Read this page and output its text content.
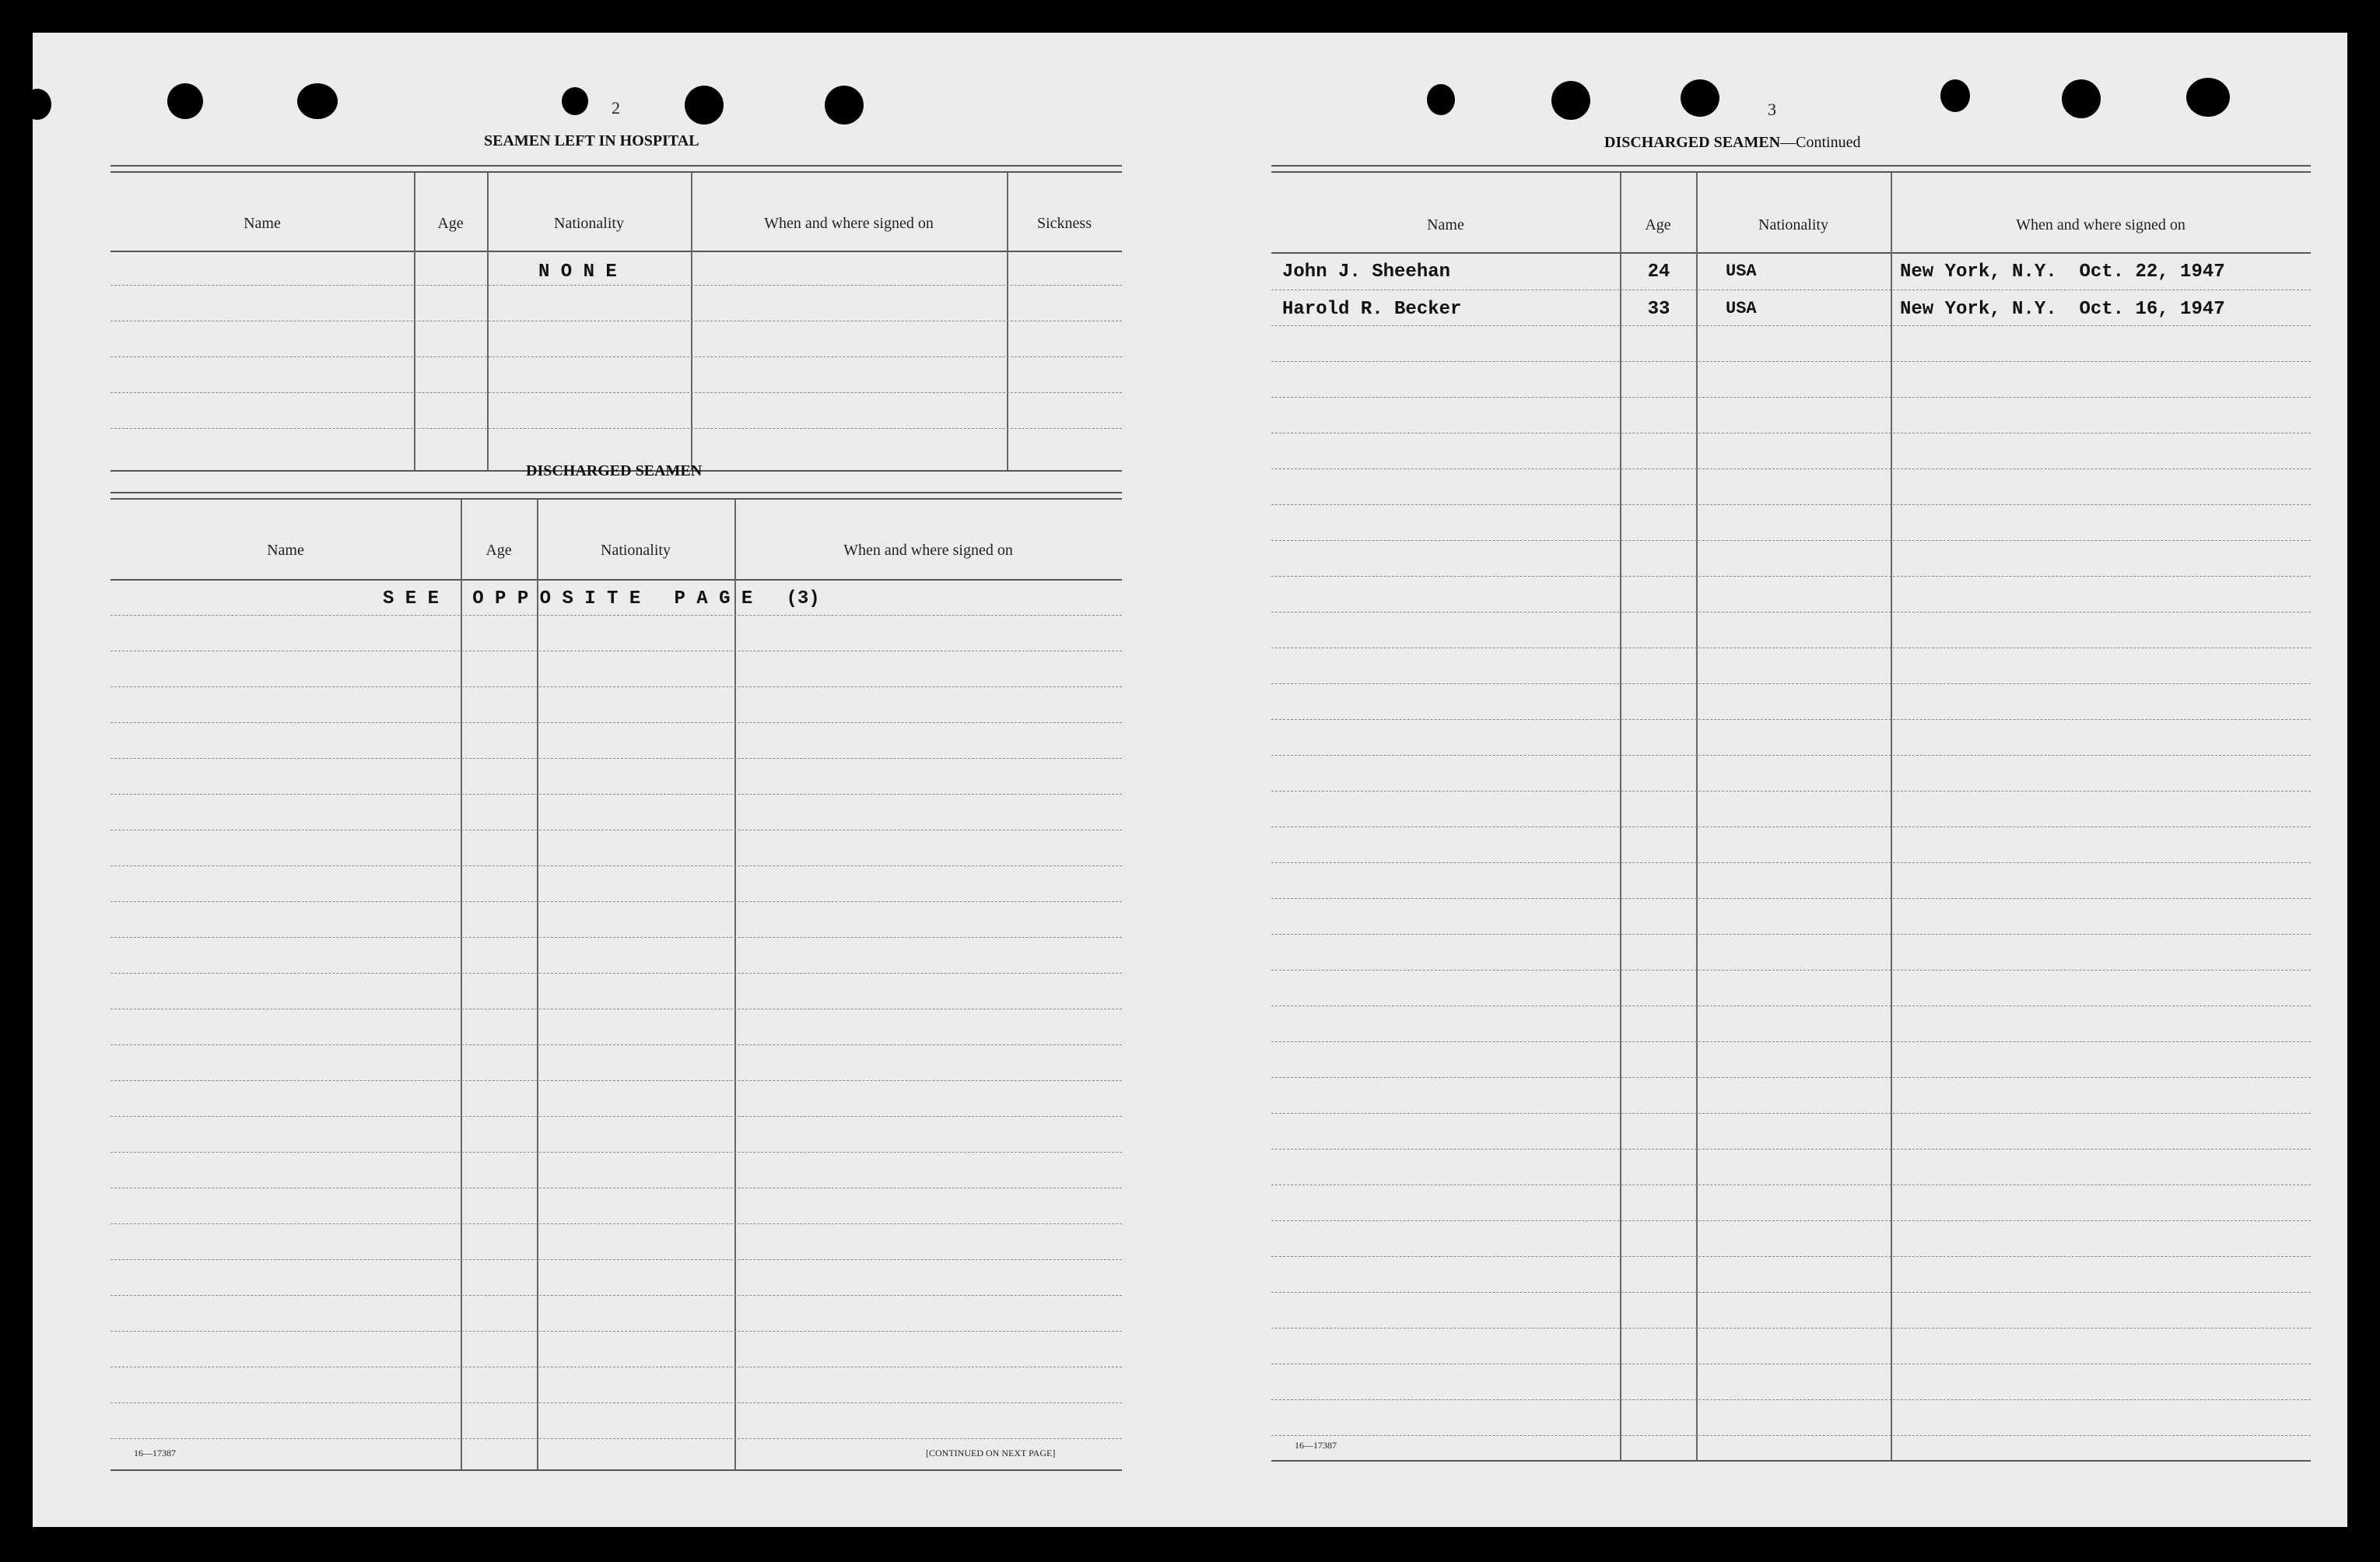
2
SEAMEN LEFT IN HOSPITAL
Name	Age	Nationality	When and where signed on	Sickness
N O N E
DISCHARGED SEAMEN
Name	Age	Nationality	When and where signed on
S E E   O P P O S I T E   P A G E   (3)
16—17387	[CONTINUED ON NEXT PAGE]
3
DISCHARGED SEAMEN—Continued
Name	Age	Nationality	When and where signed on
John J. Sheehan	24	USA	New York, N.Y.  Oct. 22, 1947
Harold R. Becker	33	USA	New York, N.Y.  Oct. 16, 1947
16—17387
